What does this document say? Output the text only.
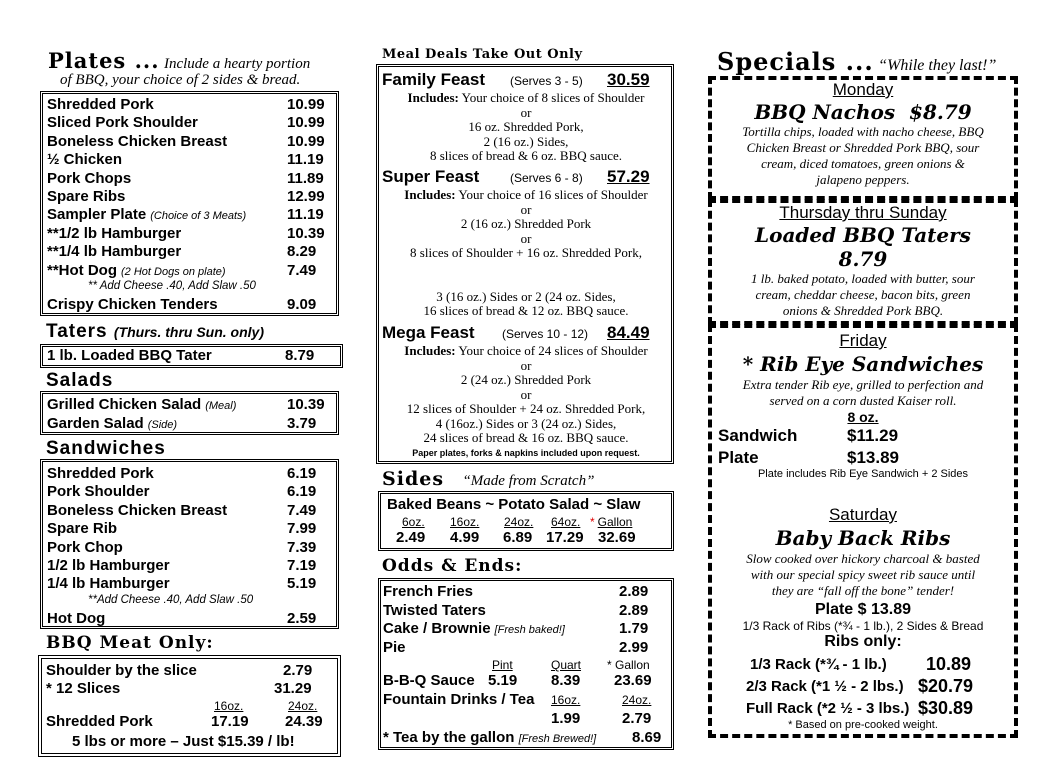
Plates ... Include a hearty portion
of BBQ, your choice of 2 sides & bread.
Shredded Pork	10.99
Sliced Pork Shoulder	10.99
Boneless Chicken Breast	10.99
½ Chicken	11.19
Pork Chops	11.89
Spare Ribs	12.99
Sampler Plate (Choice of 3 Meats)	11.19
**1/2 lb Hamburger	10.39
**1/4 lb Hamburger	8.29
**Hot Dog (2 Hot Dogs on plate)	7.49
** Add Cheese .40, Add Slaw .50
Crispy Chicken Tenders	9.09
Taters (Thurs. thru Sun. only)
1 lb. Loaded BBQ Tater	8.79
Salads
Grilled Chicken Salad (Meal)	10.39
Garden Salad (Side)	3.79
Sandwiches
Shredded Pork	6.19
Pork Shoulder	6.19
Boneless Chicken Breast	7.49
Spare Rib	7.99
Pork Chop	7.39
1/2 lb Hamburger	7.19
1/4 lb Hamburger	5.19
**Add Cheese .40, Add Slaw .50
Hot Dog	2.59
BBQ Meat Only:
Shoulder by the slice	2.79
* 12 Slices	31.29
16oz.	24oz.
Shredded Pork	17.19 24.39
5 lbs or more – Just $15.39 / lb!
Meal Deals Take Out Only
Family Feast (Serves 3 - 5) 30.59
Includes: Your choice of 8 slices of Shoulder
or
16 oz. Shredded Pork,
2 (16 oz.) Sides,
8 slices of bread & 6 oz. BBQ sauce.
Super Feast	(Serves 6 - 8) 57.29
Includes: Your choice of 16 slices of Shoulder
or
2 (16 oz.) Shredded Pork
or
8 slices of Shoulder + 16 oz. Shredded Pork,
3 (16 oz.) Sides or 2 (24 oz. Sides,
16 slices of bread & 12 oz. BBQ sauce.
Mega Feast (Serves 10 - 12) 84.49
Includes: Your choice of 24 slices of Shoulder
or
2 (24 oz.) Shredded Pork
or
12 slices of Shoulder + 24 oz. Shredded Pork,
4 (16oz.) Sides or 3 (24 oz.) Sides,
24 slices of bread & 16 oz. BBQ sauce.
Paper plates, forks & napkins included upon request.
Sides “Made from Scratch”
Baked Beans ~ Potato Salad ~ Slaw
6oz. 16oz. 24oz. 64oz. * Gallon
2.49 4.99 6.89 17.29 32.69
Odds & Ends:
French Fries	2.89
Twisted Taters	2.89
Cake / Brownie [Fresh baked!]	1.79
Pie	2.99
Pint	Quart * Gallon
B-B-Q Sauce 5.19 8.39 23.69
Fountain Drinks / Tea 16oz.	24oz.
1.99	2.79
* Tea by the gallon [Fresh Brewed!] 8.69
Specials ... “While they last!”
Monday
BBQ Nachos $8.79
Tortilla chips, loaded with nacho cheese, BBQ
Chicken Breast or Shredded Pork BBQ, sour
cream, diced tomatoes, green onions &
jalapeno peppers.
Thursday thru Sunday
Loaded BBQ Taters
8.79
1 lb. baked potato, loaded with butter, sour
cream, cheddar cheese, bacon bits, green
onions & Shredded Pork BBQ.
Friday
* Rib Eye Sandwiches
Extra tender Rib eye, grilled to perfection and
served on a corn dusted Kaiser roll.
8 oz.
Sandwich	$11.29
Plate	$13.89
Plate includes Rib Eye Sandwich + 2 Sides
Saturday
Baby Back Ribs
Slow cooked over hickory charcoal & basted
with our special spicy sweet rib sauce until
they are “fall off the bone” tender!
Plate $ 13.89
1/3 Rack of Ribs (*¾ - 1 lb.), 2 Sides & Bread
Ribs only:
1/3 Rack (*¾ - 1 lb.) 10.89
2/3 Rack (*1 ½ - 2 lbs.) $20.79
Full Rack (*2 ½ - 3 lbs.) $30.89
* Based on pre-cooked weight.
